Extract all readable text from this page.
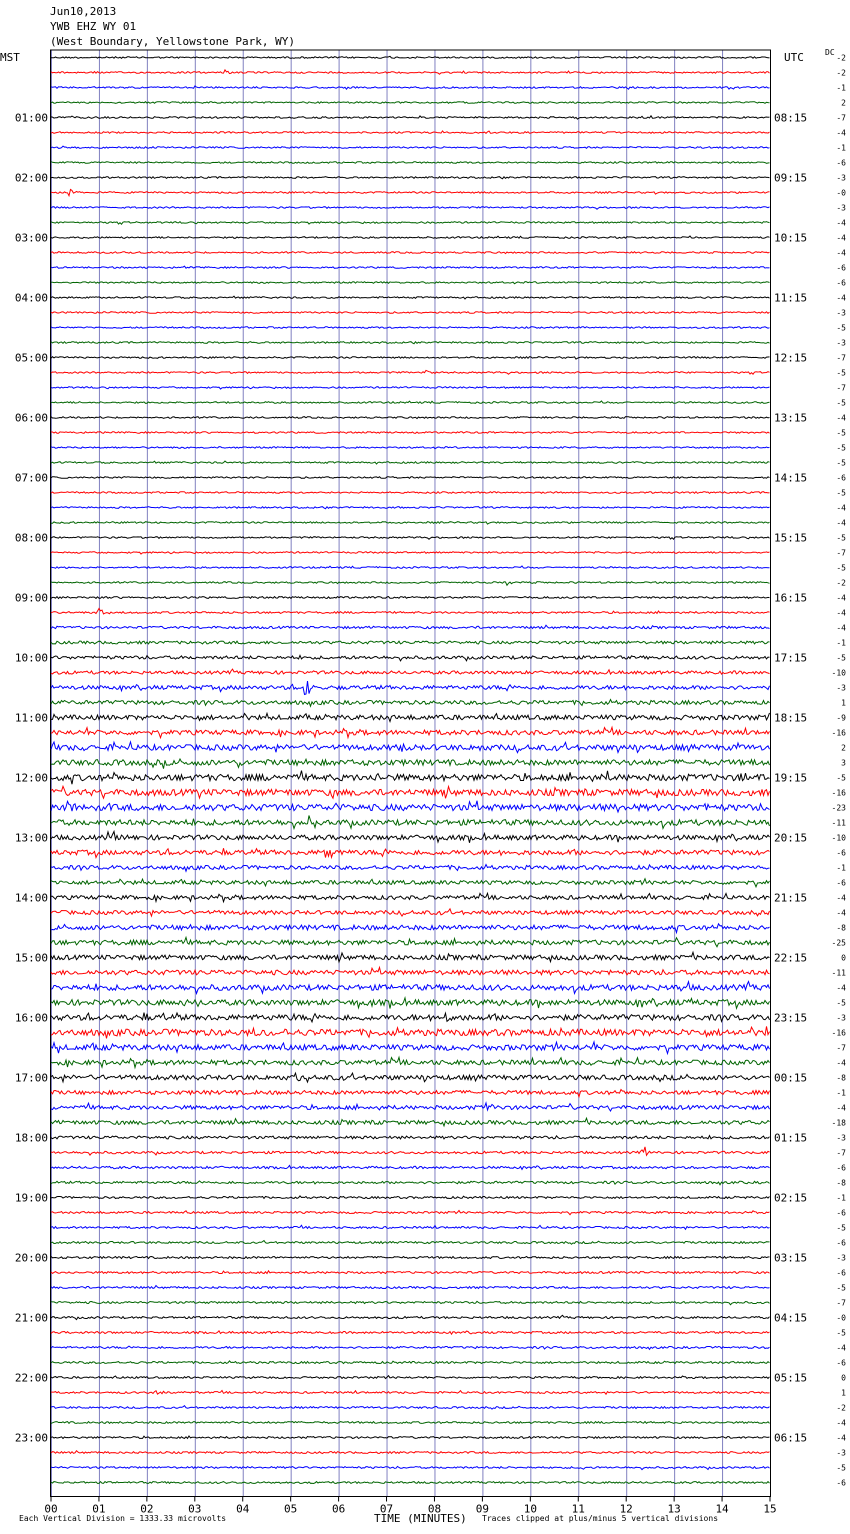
Jun10,2013
YWB EHZ WY 01
(West Boundary, Yellowstone Park, WY)
MST	UTC	DC
-2
-2
-1
2
-7
01:00	08:15
-4
-1
-6
-3
02:00	09:15
-0
-3
-4
-4
03:00	10:15
-4
-6
-6
-4
04:00	11:15
-3
-5
-3
-7
05:00	12:15
-5
-7
-5
-4
06:00	13:15
-5
-5
-5
-6
07:00	14:15
-5
-4
-4
-5
08:00	15:15
-7
-5
-2
-4
09:00	16:15
-4
-4
-1
-5
10:00	17:15
-10
-3
1
-9
11:00	18:15
-16
2
3
-5
12:00	19:15
-16
-23
-11
-10
13:00	20:15
-6
-1
-6
-4
14:00	21:15
-4
-8
-25
0
15:00	22:15
-11
-4
-5
-3
16:00	23:15
-16
-7
-4
-8
17:00	00:15
-1
-4
-18
-3
18:00	01:15
-7
-6
-8
-1
19:00	02:15
-6
-5
-6
-3
20:00	03:15
-6
-5
-7
-0
21:00	04:15
-5
-4
-6
0
22:00	05:15
1
-2
-4
-4
23:00	06:15
-3
-5
-6
00	01	02	03	04	05	06	07	08	09	10	11	12	13	14	15
Each Vertical Division = 1333.33 microvolts	TIME (MINUTES) Traces clipped at plus/minus 5 vertical divisions
